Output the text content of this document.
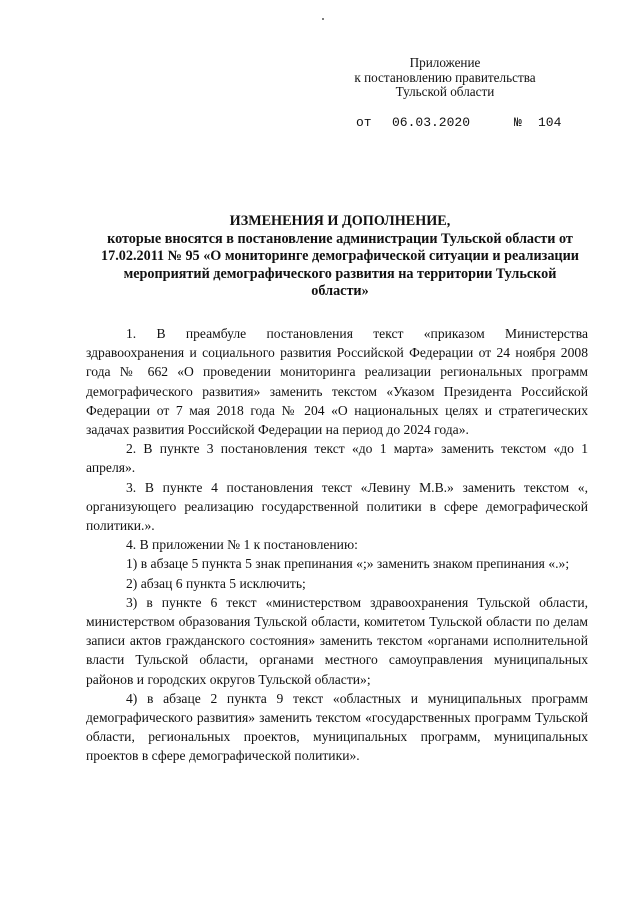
Приложение
к постановлению правительства
Тульской области

от

06.03.2020

	№

104

ИЗМЕНЕНИЯ И ДОПОЛНЕНИЕ,
которые вносятся в постановление администрации Тульской области от 17.02.2011 № 95 «О мониторинге демографической ситуации и реализации мероприятий демографического развития на территории Тульской области»

1. В преамбуле постановления текст «приказом Министерства здравоохранения и социального развития Российской Федерации от 24 ноября 2008 года № 662 «О проведении мониторинга реализации региональных программ демографического развития» заменить текстом «Указом Президента Российской Федерации от 7 мая 2018 года № 204 «О национальных целях и стратегических задачах развития Российской Федерации на период до 2024 года».

2. В пункте 3 постановления текст «до 1 марта» заменить текстом «до 1 апреля».

3. В пункте 4 постановления текст «Левину М.В.» заменить текстом «, организующего реализацию государственной политики в сфере демографической политики.».

4. В приложении № 1 к постановлению:

1) в абзаце 5 пункта 5 знак препинания «;» заменить знаком препинания «.»;

2) абзац 6 пункта 5 исключить;

3) в пункте 6 текст «министерством здравоохранения Тульской области, министерством образования Тульской области, комитетом Тульской области по делам записи актов гражданского состояния» заменить текстом «органами исполнительной власти Тульской области, органами местного самоуправления муниципальных районов и городских округов Тульской области»;

4) в абзаце 2 пункта 9 текст «областных и муниципальных программ демографического развития» заменить текстом «государственных программ Тульской области, региональных проектов, муниципальных программ, муниципальных проектов в сфере демографической политики».
